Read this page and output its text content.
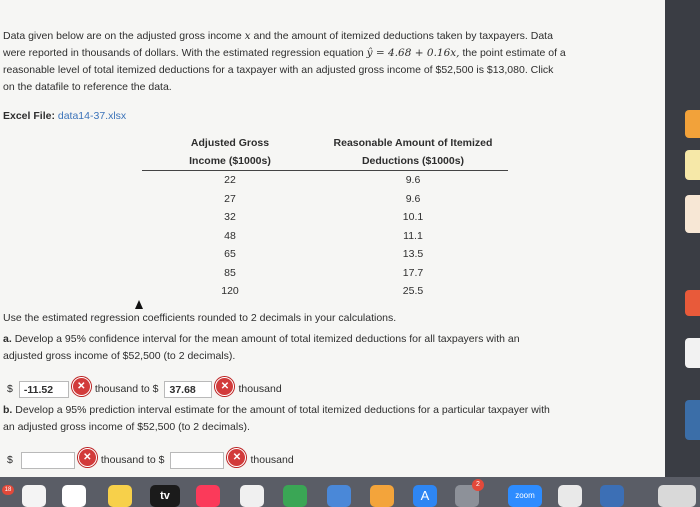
Data given below are on the adjusted gross income x and the amount of itemized deductions taken by taxpayers. Data
were reported in thousands of dollars. With the estimated regression equation ŷ = 4.68 + 0.16x, the point estimate of a
reasonable level of total itemized deductions for a taxpayer with an adjusted gross income of $52,500 is $13,080. Click
on the datafile to reference the data.

Excel File: data14-37.xlsx

Adjusted Gross	Reasonable Amount of Itemized
Income ($1000s)	Deductions ($1000s)
22	9.6
27	9.6
32	10.1
48	11.1
65	13.5
85	17.7
120	25.5

Use the estimated regression coefficients rounded to 2 decimals in your calculations.

a. Develop a 95% confidence interval for the mean amount of total itemized deductions for all taxpayers with an
adjusted gross income of $52,500 (to 2 decimals).

$	-11.52	✕ thousand to $	37.68	✕ thousand

b. Develop a 95% prediction interval estimate for the amount of total itemized deductions for a particular taxpayer with
an adjusted gross income of $52,500 (to 2 decimals).

$	✕ thousand to $	✕ thousand
18	tv	A
2
zoom
